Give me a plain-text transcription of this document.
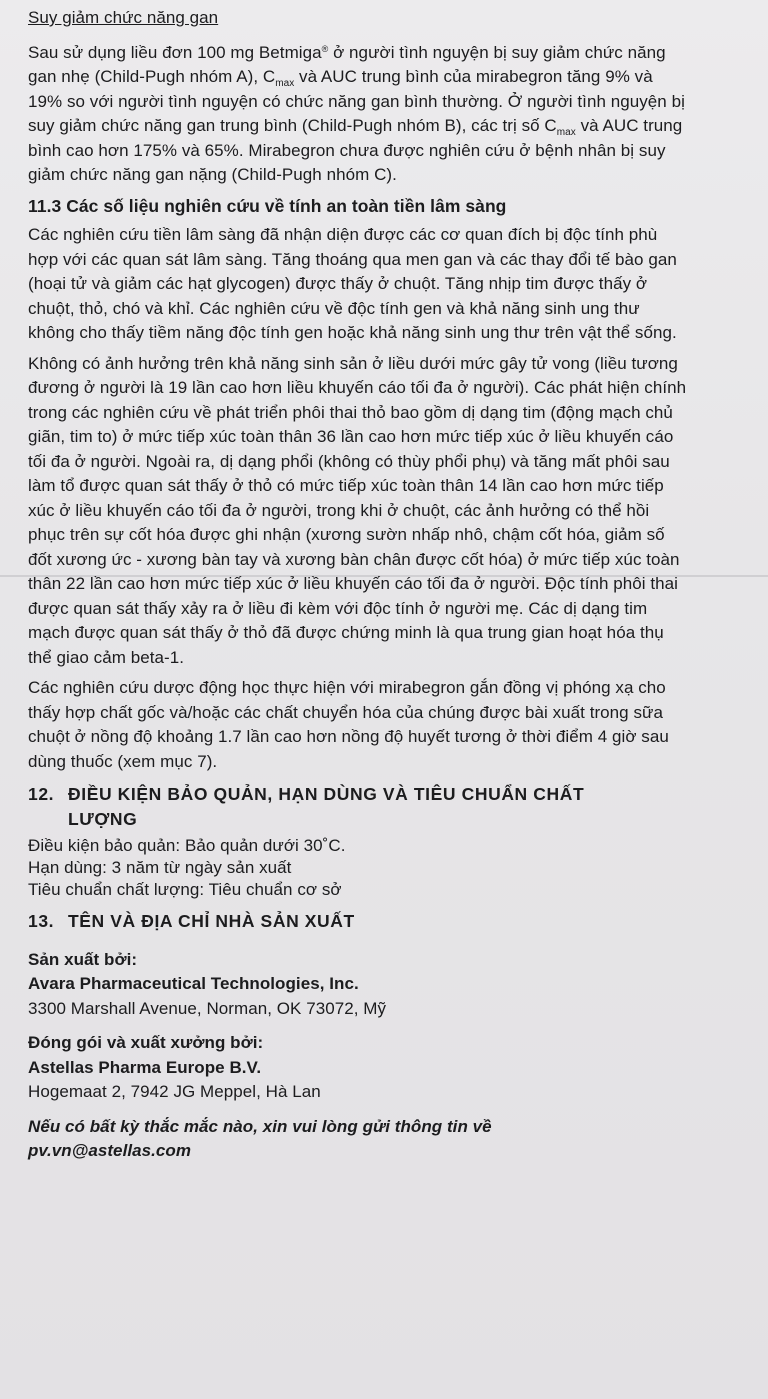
Suy giảm chức năng gan

Sau sử dụng liều đơn 100 mg Betmiga® ở người tình nguyện bị suy giảm chức năng gan nhẹ (Child-Pugh nhóm A), $C_{max}$ và AUC trung bình của mirabegron tăng 9% và 19% so với người tình nguyện có chức năng gan bình thường. Ở người tình nguyện bị suy giảm chức năng gan trung bình (Child-Pugh nhóm B), các trị số $C_{max}$ và AUC trung bình cao hơn 175% và 65%. Mirabegron chưa được nghiên cứu ở bệnh nhân bị suy giảm chức năng gan nặng (Child-Pugh nhóm C).

11.3 Các số liệu nghiên cứu về tính an toàn tiền lâm sàng

Các nghiên cứu tiền lâm sàng đã nhận diện được các cơ quan đích bị độc tính phù hợp với các quan sát lâm sàng. Tăng thoáng qua men gan và các thay đổi tế bào gan (hoại tử và giảm các hạt glycogen) được thấy ở chuột. Tăng nhịp tim được thấy ở chuột, thỏ, chó và khỉ. Các nghiên cứu về độc tính gen và khả năng sinh ung thư không cho thấy tiềm năng độc tính gen hoặc khả năng sinh ung thư trên vật thể sống.

Không có ảnh hưởng trên khả năng sinh sản ở liều dưới mức gây tử vong (liều tương đương ở người là 19 lần cao hơn liều khuyến cáo tối đa ở người). Các phát hiện chính trong các nghiên cứu về phát triển phôi thai thỏ bao gồm dị dạng tim (động mạch chủ giãn, tim to) ở mức tiếp xúc toàn thân 36 lần cao hơn mức tiếp xúc ở liều khuyến cáo tối đa ở người. Ngoài ra, dị dạng phổi (không có thùy phổi phụ) và tăng mất phôi sau làm tổ được quan sát thấy ở thỏ có mức tiếp xúc toàn thân 14 lần cao hơn mức tiếp xúc ở liều khuyến cáo tối đa ở người, trong khi ở chuột, các ảnh hưởng có thể hồi phục trên sự cốt hóa được ghi nhận (xương sườn nhấp nhô, chậm cốt hóa, giảm số đốt xương ức - xương bàn tay và xương bàn chân được cốt hóa) ở mức tiếp xúc toàn thân 22 lần cao hơn mức tiếp xúc ở liều khuyến cáo tối đa ở người. Độc tính phôi thai được quan sát thấy xảy ra ở liều đi kèm với độc tính ở người mẹ. Các dị dạng tim mạch được quan sát thấy ở thỏ đã được chứng minh là qua trung gian hoạt hóa thụ thể giao cảm beta-1.

Các nghiên cứu dược động học thực hiện với mirabegron gắn đồng vị phóng xạ cho thấy hợp chất gốc và/hoặc các chất chuyển hóa của chúng được bài xuất trong sữa chuột ở nồng độ khoảng 1.7 lần cao hơn nồng độ huyết tương ở thời điểm 4 giờ sau dùng thuốc (xem mục 7).

12. ĐIỀU KIỆN BẢO QUẢN, HẠN DÙNG VÀ TIÊU CHUẨN CHẤT
LƯỢNG

Điều kiện bảo quản: Bảo quản dưới 30˚C.

Hạn dùng: 3 năm từ ngày sản xuất

Tiêu chuẩn chất lượng: Tiêu chuẩn cơ sở

13. TÊN VÀ ĐỊA CHỈ NHÀ SẢN XUẤT

Sản xuất bởi:

Avara Pharmaceutical Technologies, Inc.

3300 Marshall Avenue, Norman, OK 73072, Mỹ

Đóng gói và xuất xưởng bởi:

Astellas Pharma Europe B.V.

Hogemaat 2, 7942 JG Meppel, Hà Lan

Nếu có bất kỳ thắc mắc nào, xin vui lòng gửi thông tin về

pv.vn@astellas.com
